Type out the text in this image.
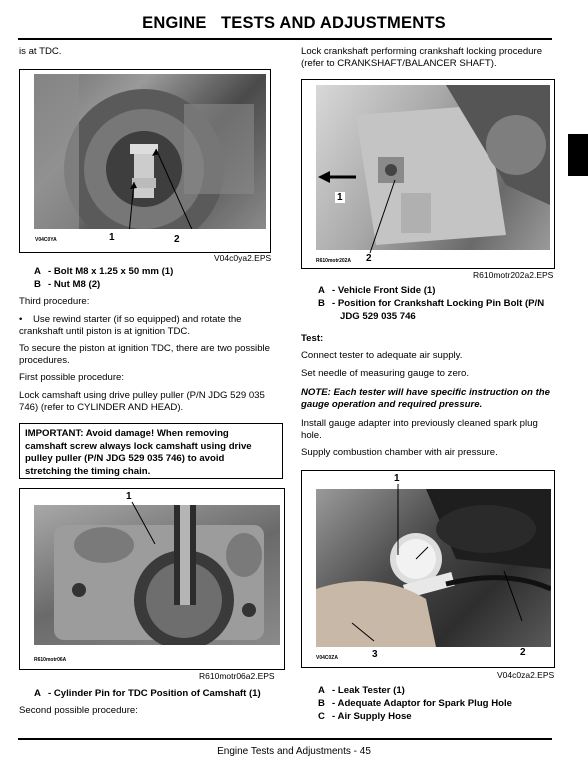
ENGINE   TESTS AND ADJUSTMENTS
is at TDC.
V04C0YA	1	2
V04c0ya2.EPS
A - Bolt M8 x 1.25 x 50 mm (1)
B - Nut M8 (2)
Third procedure:
• Use rewind starter (if so equipped) and rotate the
crankshaft until piston is at ignition TDC.
To secure the piston at ignition TDC, there are two possible
procedures.
First possible procedure:
Lock camshaft using drive pulley puller (P/N JDG 529 035
746) (refer to CYLINDER AND HEAD).
IMPORTANT: Avoid damage! When removing
camshaft screw always lock camshaft using drive
pulley puller (P/N JDG 529 035 746) to avoid
stretching the timing chain.
1
R610motr06A
R610motr06a2.EPS
A - Cylinder Pin for TDC Position of Camshaft (1)
Second possible procedure:
Lock crankshaft performing crankshaft locking procedure
(refer to CRANKSHAFT/BALANCER SHAFT).
1
R610motr202A 2
R610motr202a2.EPS
A - Vehicle Front Side (1)
B - Position for Crankshaft Locking Pin Bolt (P/N
JDG 529 035 746
Test:
Connect tester to adequate air supply.
Set needle of measuring gauge to zero.
NOTE: Each tester will have specific instruction on the
gauge operation and required pressure.
Install gauge adapter into previously cleaned spark plug
hole.
Supply combustion chamber with air pressure.
1
2
3
V04C0ZA
V04c0za2.EPS
A - Leak Tester (1)
B - Adequate Adaptor for Spark Plug Hole
C - Air Supply Hose
Engine Tests and Adjustments - 45
